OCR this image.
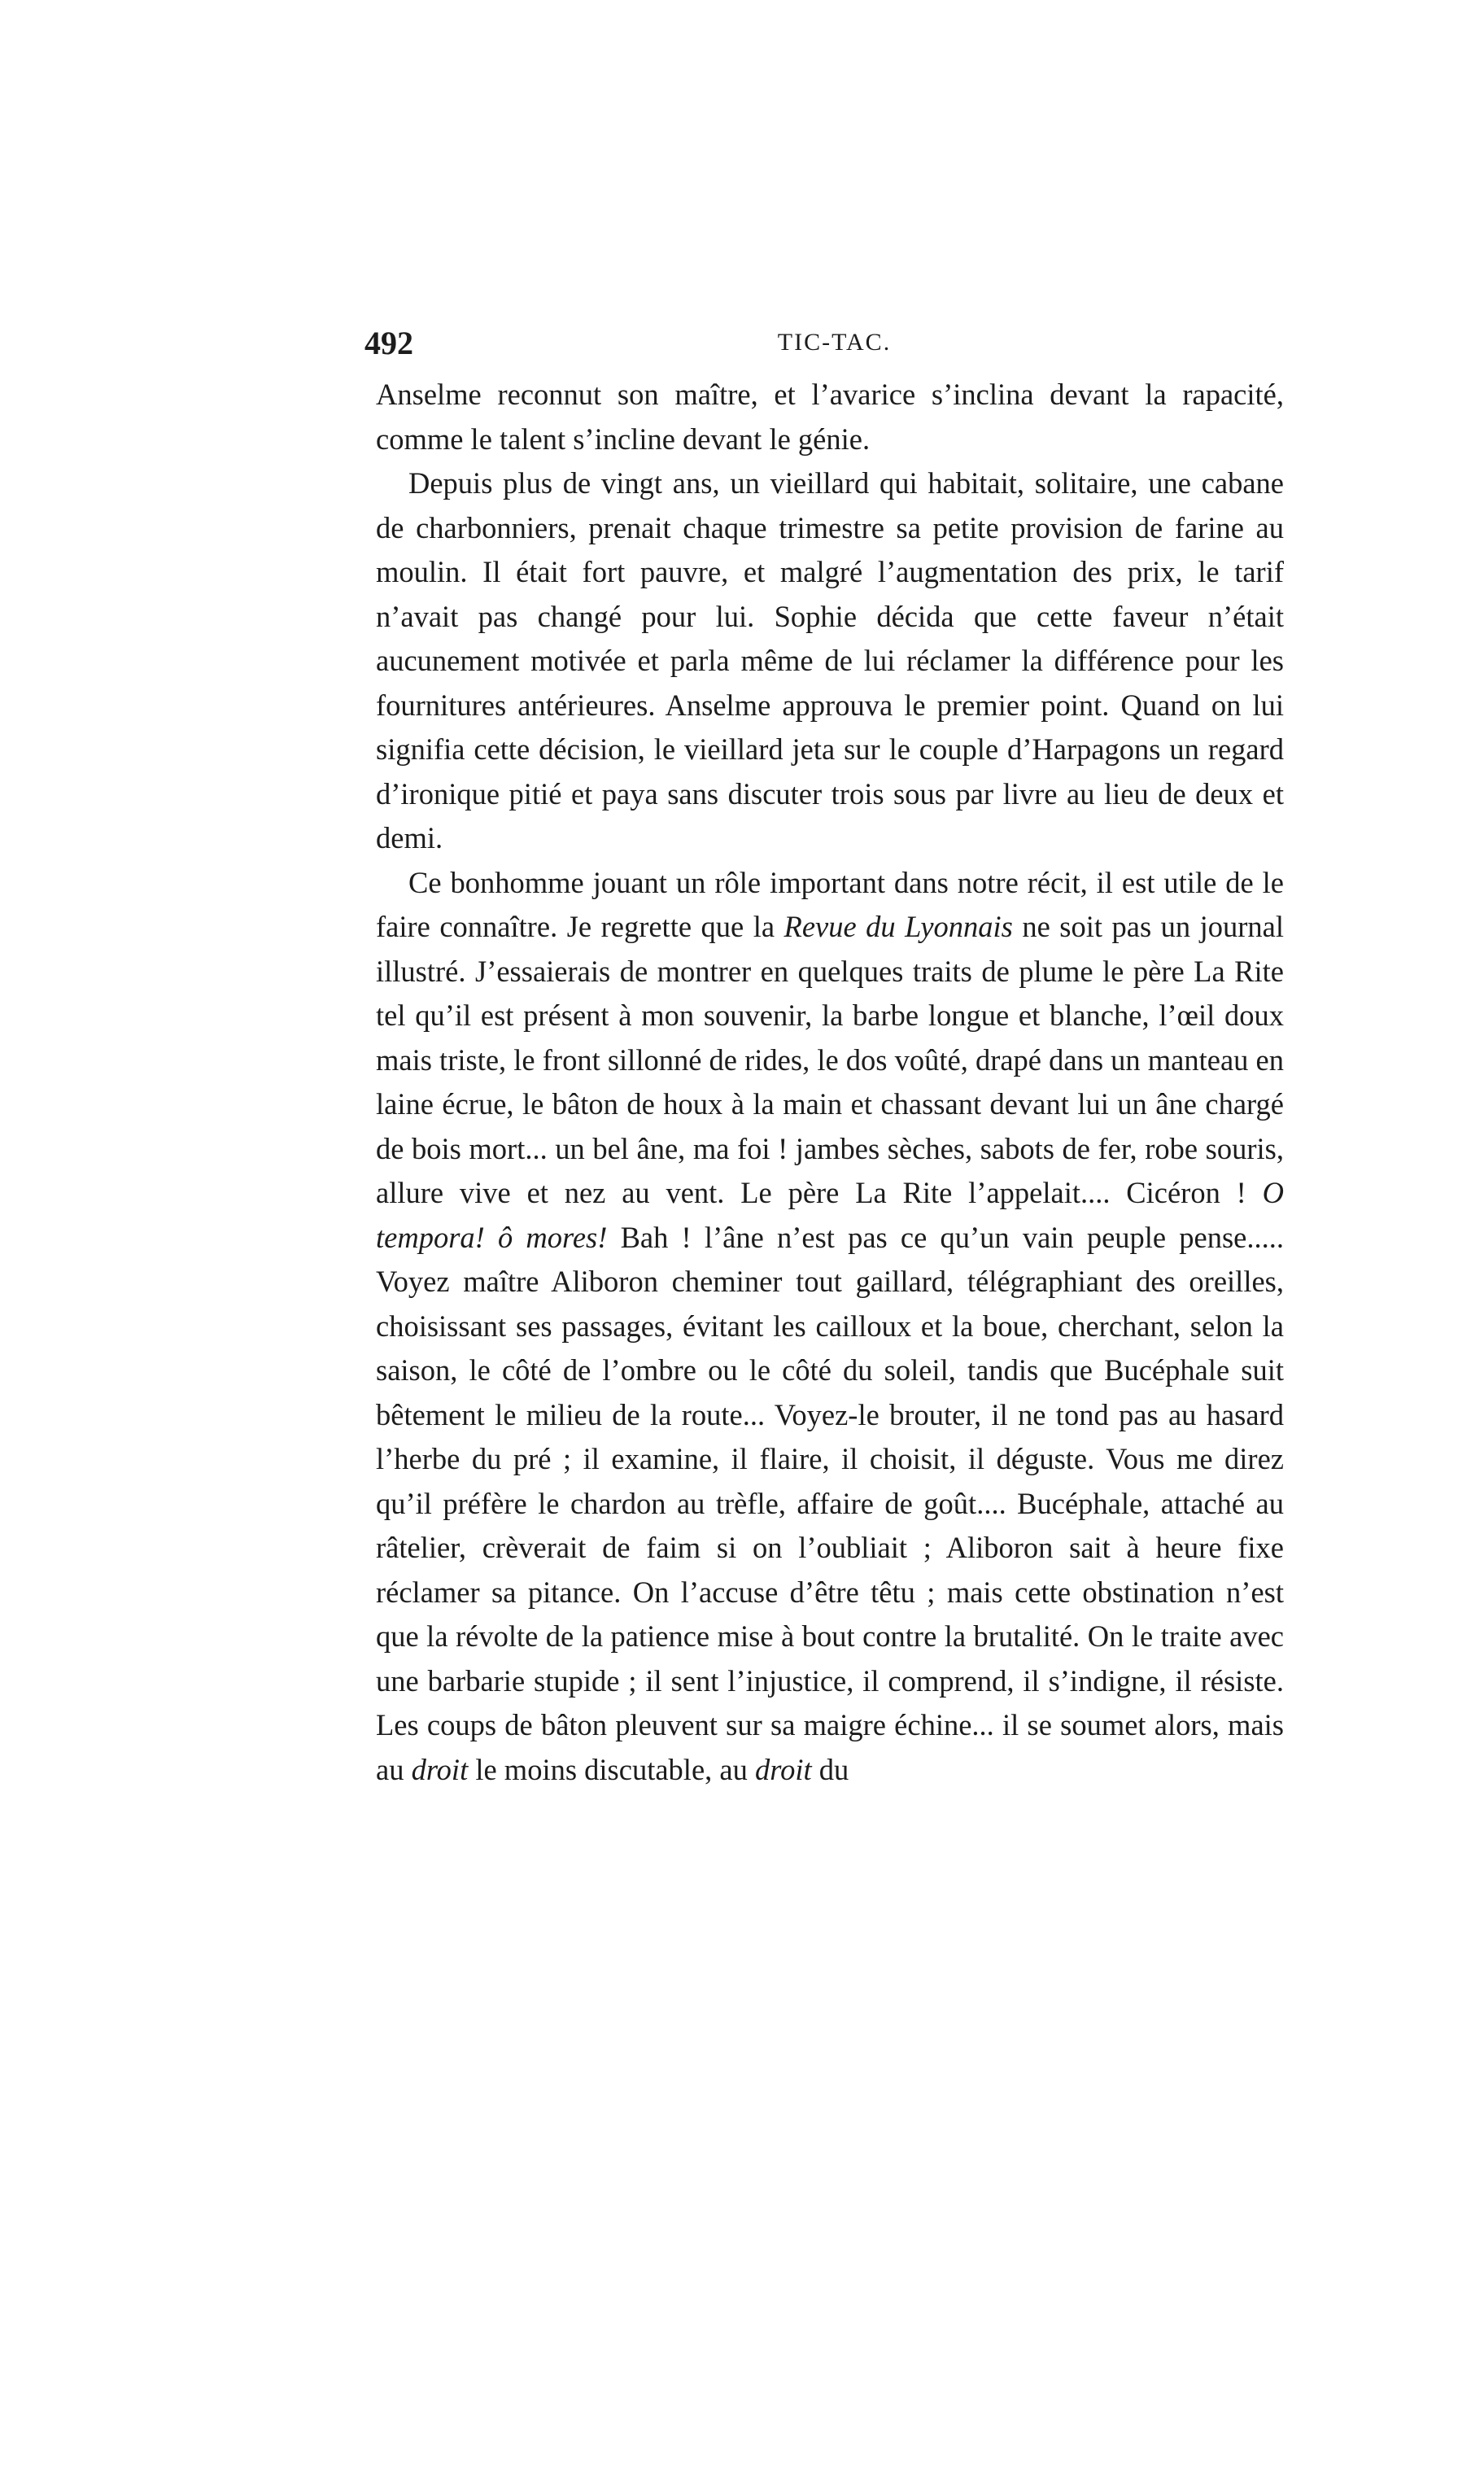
492	TIC-TAC.

Anselme reconnut son maître, et l’avarice s’inclina devant la rapacité, comme le talent s’incline devant le génie.

Depuis plus de vingt ans, un vieillard qui habitait, solitaire, une cabane de charbonniers, prenait chaque trimestre sa petite provision de farine au moulin. Il était fort pauvre, et malgré l’augmentation des prix, le tarif n’avait pas changé pour lui. Sophie décida que cette faveur n’était aucunement motivée et parla même de lui réclamer la différence pour les fournitures antérieures. Anselme approuva le premier point. Quand on lui signifia cette décision, le vieillard jeta sur le couple d’Harpagons un regard d’ironique pitié et paya sans discuter trois sous par livre au lieu de deux et demi.

Ce bonhomme jouant un rôle important dans notre récit, il est utile de le faire connaître. Je regrette que la Revue du Lyonnais ne soit pas un journal illustré. J’essaierais de montrer en quelques traits de plume le père La Rite tel qu’il est présent à mon souvenir, la barbe longue et blanche, l’œil doux mais triste, le front sillonné de rides, le dos voûté, drapé dans un manteau en laine écrue, le bâton de houx à la main et chassant devant lui un âne chargé de bois mort... un bel âne, ma foi ! jambes sèches, sabots de fer, robe souris, allure vive et nez au vent. Le père La Rite l’appelait.... Cicéron ! O tempora! ô mores! Bah ! l’âne n’est pas ce qu’un vain peuple pense..... Voyez maître Aliboron cheminer tout gaillard, télégraphiant des oreilles, choisissant ses passages, évitant les cailloux et la boue, cherchant, selon la saison, le côté de l’ombre ou le côté du soleil, tandis que Bucéphale suit bêtement le milieu de la route... Voyez-le brouter, il ne tond pas au hasard l’herbe du pré ; il examine, il flaire, il choisit, il déguste. Vous me direz qu’il préfère le chardon au trèfle, affaire de goût.... Bucéphale, attaché au râtelier, crèverait de faim si on l’oubliait ; Aliboron sait à heure fixe réclamer sa pitance. On l’accuse d’être têtu ; mais cette obstination n’est que la révolte de la patience mise à bout contre la brutalité. On le traite avec une barbarie stupide ; il sent l’injustice, il comprend, il s’indigne, il résiste. Les coups de bâton pleuvent sur sa maigre échine... il se soumet alors, mais au droit le moins discutable, au droit du
